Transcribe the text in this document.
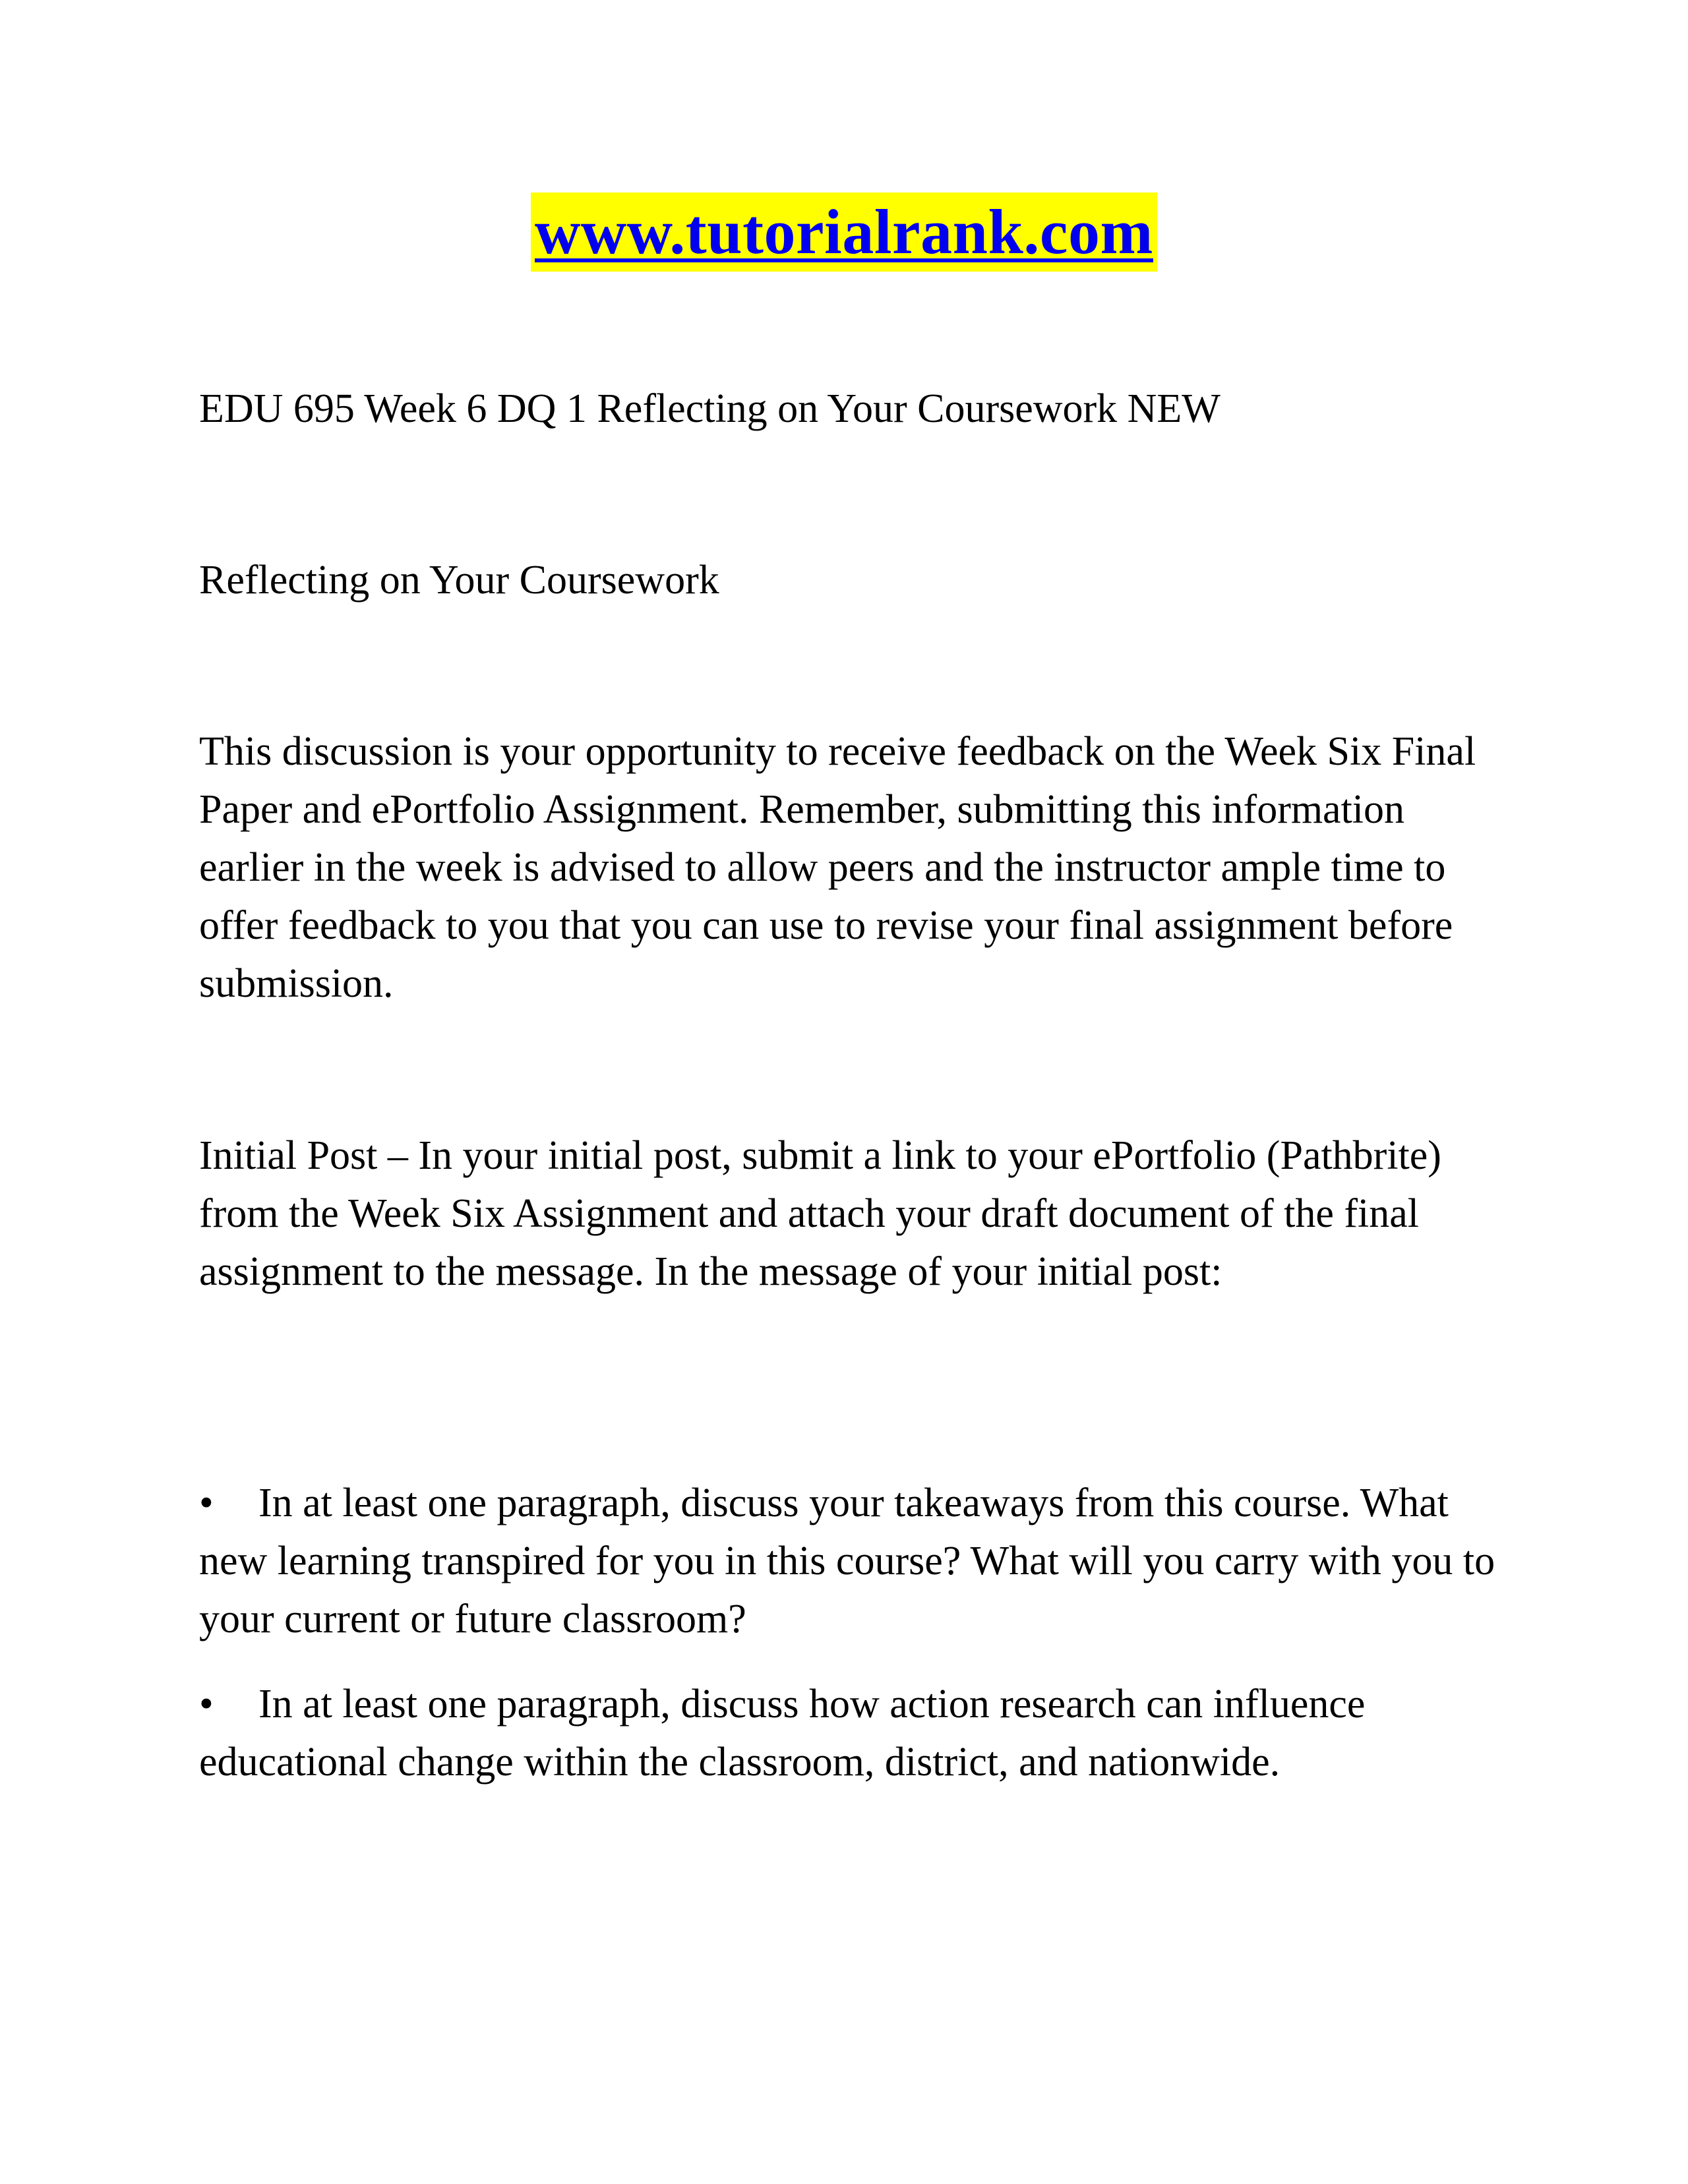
www.tutorialrank.com

EDU 695 Week 6 DQ 1 Reflecting on Your Coursework NEW

Reflecting on Your Coursework

This discussion is your opportunity to receive feedback on the Week Six Final Paper and ePortfolio Assignment. Remember, submitting this information earlier in the week is advised to allow peers and the instructor ample time to offer feedback to you that you can use to revise your final assignment before submission.

Initial Post – In your initial post, submit a link to your ePortfolio (Pathbrite) from the Week Six Assignment and attach your draft document of the final assignment to the message. In the message of your initial post:

• In at least one paragraph, discuss your takeaways from this course. What new learning transpired for you in this course? What will you carry with you to your current or future classroom?

• In at least one paragraph, discuss how action research can influence educational change within the classroom, district, and nationwide.
